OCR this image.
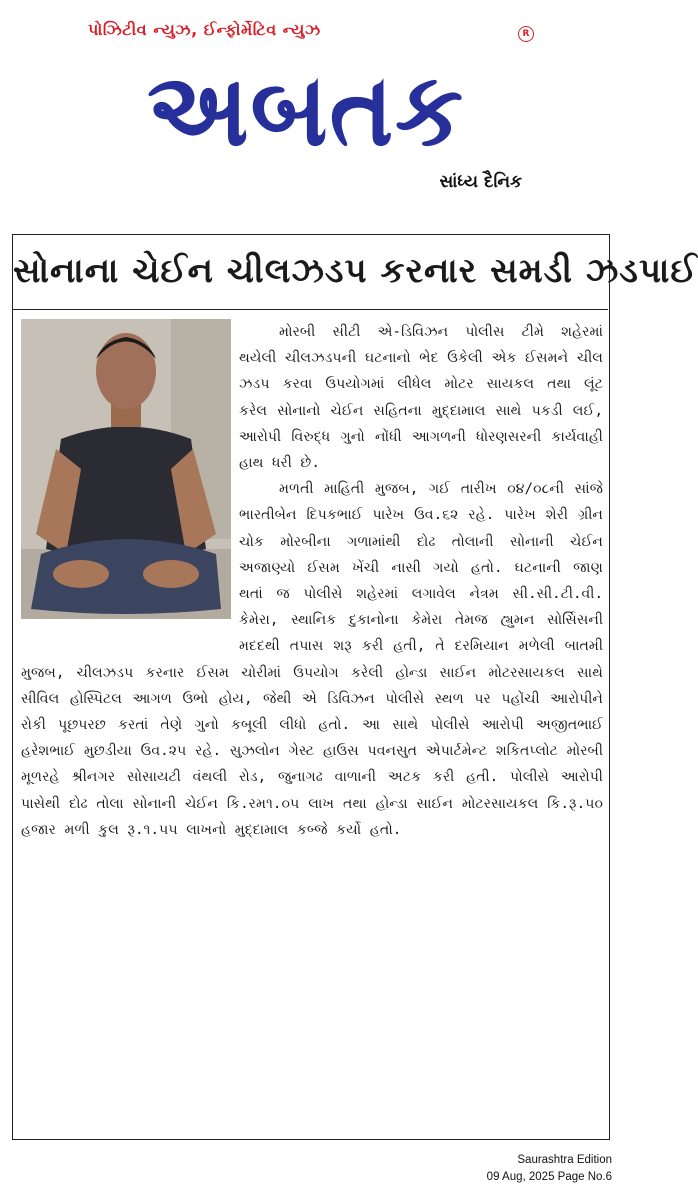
પોઝિટીવ ન્યુઝ, ઈન્ફોર્મેટિવ ન્યુઝ	R
અબતક
સાંધ્ય દૈનિક
સોનાના ચેઈન ચીલઝડપ કરનાર સમડી ઝડપાઈ

મોરબી સીટી એ-ડિવિઝન પોલીસ ટીમે શહેરમાં થયેલી ચીલઝડપની ઘટનાનો ભેદ ઉકેલી એક ઈસમને ચીલ ઝડપ કરવા ઉપયોગમાં લીધેલ મોટર સાયકલ તથા લૂંટ કરેલ સોનાનો ચેઈન સહિતના મુદ્દામાલ સાથે પકડી લઈ, આરોપી વિરુદ્ધ ગુનો નોંધી આગળની ધોરણસરની કાર્યવાહી હાથ ધરી છે.

મળતી માહિતી મુજબ, ગઈ તારીખ ૦૪/૦૮ની સાંજે ભારતીબેન દિપકભાઈ પારેખ ઉવ.૬૨ રહે. પારેખ શેરી ગ્રીન ચોક મોરબીના ગળામાંથી દોઢ તોલાની સોનાની ચેઈન અજાણ્યો ઈસમ ખેંચી નાસી ગયો હતો. ઘટનાની જાણ થતાં જ પોલીસે શહેરમાં લગાવેલ નેત્રમ સી.સી.ટી.વી. કેમેરા, સ્થાનિક દુકાનોના કેમેરા તેમજ હ્યુમન સોર્સિસની મદદથી તપાસ શરૂ કરી હતી, તે દરમિયાન મળેલી બાતમી મુજબ, ચીલઝડપ કરનાર ઈસમ ચોરીમાં ઉપયોગ કરેલી હોન્ડા સાઈન મોટરસાયકલ સાથે સીવિલ હોસ્પિટલ આગળ ઉભો હોય, જેથી એ ડિવિઝન પોલીસે સ્થળ પર પહોંચી આરોપીને રોકી પૂછપરછ કરતાં તેણે ગુનો કબૂલી લીધો હતો. આ સાથે પોલીસે આરોપી અજીતભાઈ હરેશભાઈ મુછડીયા ઉવ.૨૫ રહે. સુઝલોન ગેસ્ટ હાઉસ પવનસુત એપાર્ટમેન્ટ શકિતપ્લોટ મોરબી મૂળરહે શ્રીનગર સોસાયટી વંથલી રોડ, જુનાગઢ વાળાની અટક કરી હતી. પોલીસે આરોપી પાસેથી દોઢ તોલા સોનાની ચેઈન કિ.રમ૧.૦૫ લાખ તથા હોન્ડા સાઈન મોટરસાયકલ કિ.રૂ.૫૦ હજાર મળી કુલ રૂ.૧.૫૫ લાખનો મુદ્દામાલ કબ્જે કર્યો હતો.

Saurashtra Edition
09 Aug, 2025 Page No.6
